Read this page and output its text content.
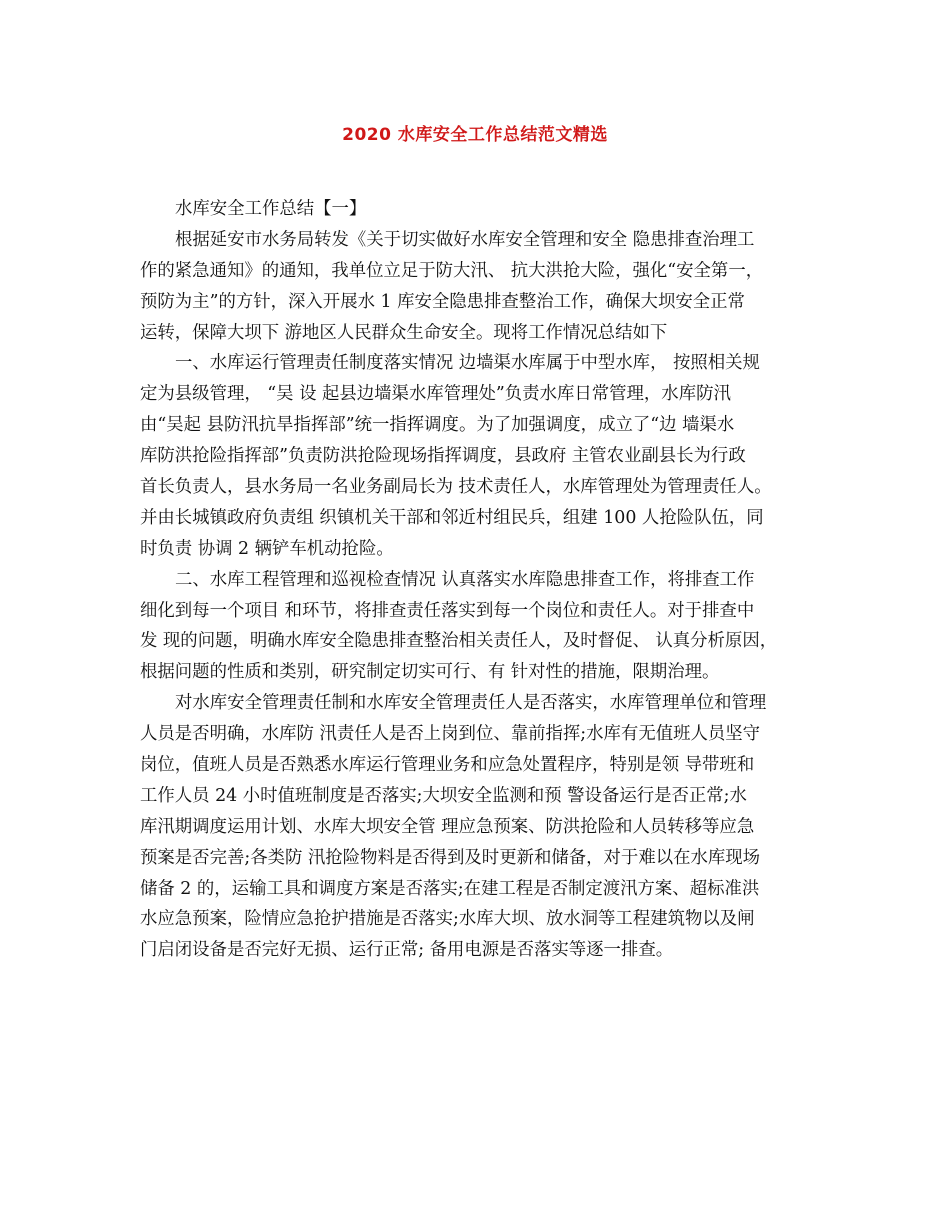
2020 水库安全工作总结范文精选
水库安全工作总结【一】
根据延安市水务局转发《关于切实做好水库安全管理和安全 隐患排查治理工
作的紧急通知》的通知，我单位立足于防大汛、 抗大洪抢大险，强化“安全第一，
预防为主”的方针，深入开展水 1 库安全隐患排查整治工作，确保大坝安全正常
运转，保障大坝下 游地区人民群众生命安全。现将工作情况总结如下
一、水库运行管理责任制度落实情况 边墙渠水库属于中型水库， 按照相关规
定为县级管理， “吴 设 起县边墙渠水库管理处”负责水库日常管理，水库防汛
由“吴起 县防汛抗旱指挥部”统一指挥调度。为了加强调度，成立了“边 墙渠水
库防洪抢险指挥部”负责防洪抢险现场指挥调度，县政府 主管农业副县长为行政
首长负责人，县水务局一名业务副局长为 技术责任人，水库管理处为管理责任人。
并由长城镇政府负责组 织镇机关干部和邻近村组民兵，组建 100 人抢险队伍，同
时负责 协调 2 辆铲车机动抢险。
二、水库工程管理和巡视检查情况 认真落实水库隐患排查工作，将排查工作
细化到每一个项目 和环节，将排查责任落实到每一个岗位和责任人。对于排查中
发 现的问题，明确水库安全隐患排查整治相关责任人，及时督促、 认真分析原因，
根据问题的性质和类别，研究制定切实可行、有 针对性的措施，限期治理。
对水库安全管理责任制和水库安全管理责任人是否落实，水库管理单位和管理
人员是否明确，水库防 汛责任人是否上岗到位、靠前指挥;水库有无值班人员坚守
岗位，值班人员是否熟悉水库运行管理业务和应急处置程序，特别是领 导带班和
工作人员 24 小时值班制度是否落实;大坝安全监测和预 警设备运行是否正常;水
库汛期调度运用计划、水库大坝安全管 理应急预案、防洪抢险和人员转移等应急
预案是否完善;各类防 汛抢险物料是否得到及时更新和储备，对于难以在水库现场
储备 2 的，运输工具和调度方案是否落实;在建工程是否制定渡汛方案、超标准洪
水应急预案，险情应急抢护措施是否落实;水库大坝、放水洞等工程建筑物以及闸
门启闭设备是否完好无损、运行正常; 备用电源是否落实等逐一排查。
